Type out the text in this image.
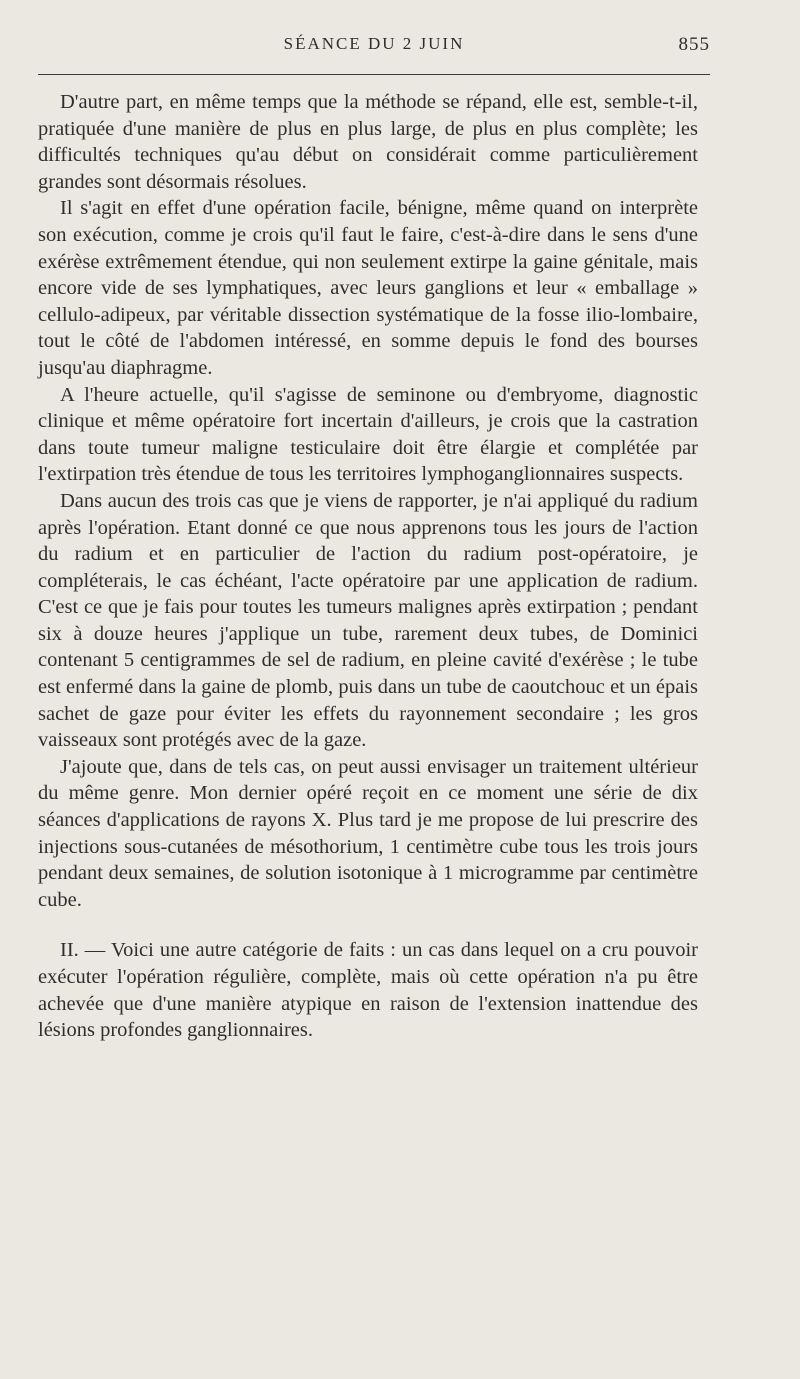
SÉANCE DU 2 JUIN	855

D'autre part, en même temps que la méthode se répand, elle est, semble-t-il, pratiquée d'une manière de plus en plus large, de plus en plus complète; les difficultés techniques qu'au début on considérait comme particulièrement grandes sont désormais résolues.

Il s'agit en effet d'une opération facile, bénigne, même quand on interprète son exécution, comme je crois qu'il faut le faire, c'est-à-dire dans le sens d'une exérèse extrêmement étendue, qui non seulement extirpe la gaine génitale, mais encore vide de ses lymphatiques, avec leurs ganglions et leur « emballage » cellulo-adipeux, par véritable dissection systématique de la fosse ilio-lombaire, tout le côté de l'abdomen intéressé, en somme depuis le fond des bourses jusqu'au diaphragme.

A l'heure actuelle, qu'il s'agisse de seminone ou d'embryome, diagnostic clinique et même opératoire fort incertain d'ailleurs, je crois que la castration dans toute tumeur maligne testiculaire doit être élargie et complétée par l'extirpation très étendue de tous les territoires lymphoganglionnaires suspects.

Dans aucun des trois cas que je viens de rapporter, je n'ai appliqué du radium après l'opération. Etant donné ce que nous apprenons tous les jours de l'action du radium et en particulier de l'action du radium post-opératoire, je compléterais, le cas échéant, l'acte opératoire par une application de radium. C'est ce que je fais pour toutes les tumeurs malignes après extirpation ; pendant six à douze heures j'applique un tube, rarement deux tubes, de Dominici contenant 5 centigrammes de sel de radium, en pleine cavité d'exérèse ; le tube est enfermé dans la gaine de plomb, puis dans un tube de caoutchouc et un épais sachet de gaze pour éviter les effets du rayonnement secondaire ; les gros vaisseaux sont protégés avec de la gaze.

J'ajoute que, dans de tels cas, on peut aussi envisager un traitement ultérieur du même genre. Mon dernier opéré reçoit en ce moment une série de dix séances d'applications de rayons X. Plus tard je me propose de lui prescrire des injections sous-cutanées de mésothorium, 1 centimètre cube tous les trois jours pendant deux semaines, de solution isotonique à 1 microgramme par centimètre cube.

II. — Voici une autre catégorie de faits : un cas dans lequel on a cru pouvoir exécuter l'opération régulière, complète, mais où cette opération n'a pu être achevée que d'une manière atypique en raison de l'extension inattendue des lésions profondes ganglionnaires.
